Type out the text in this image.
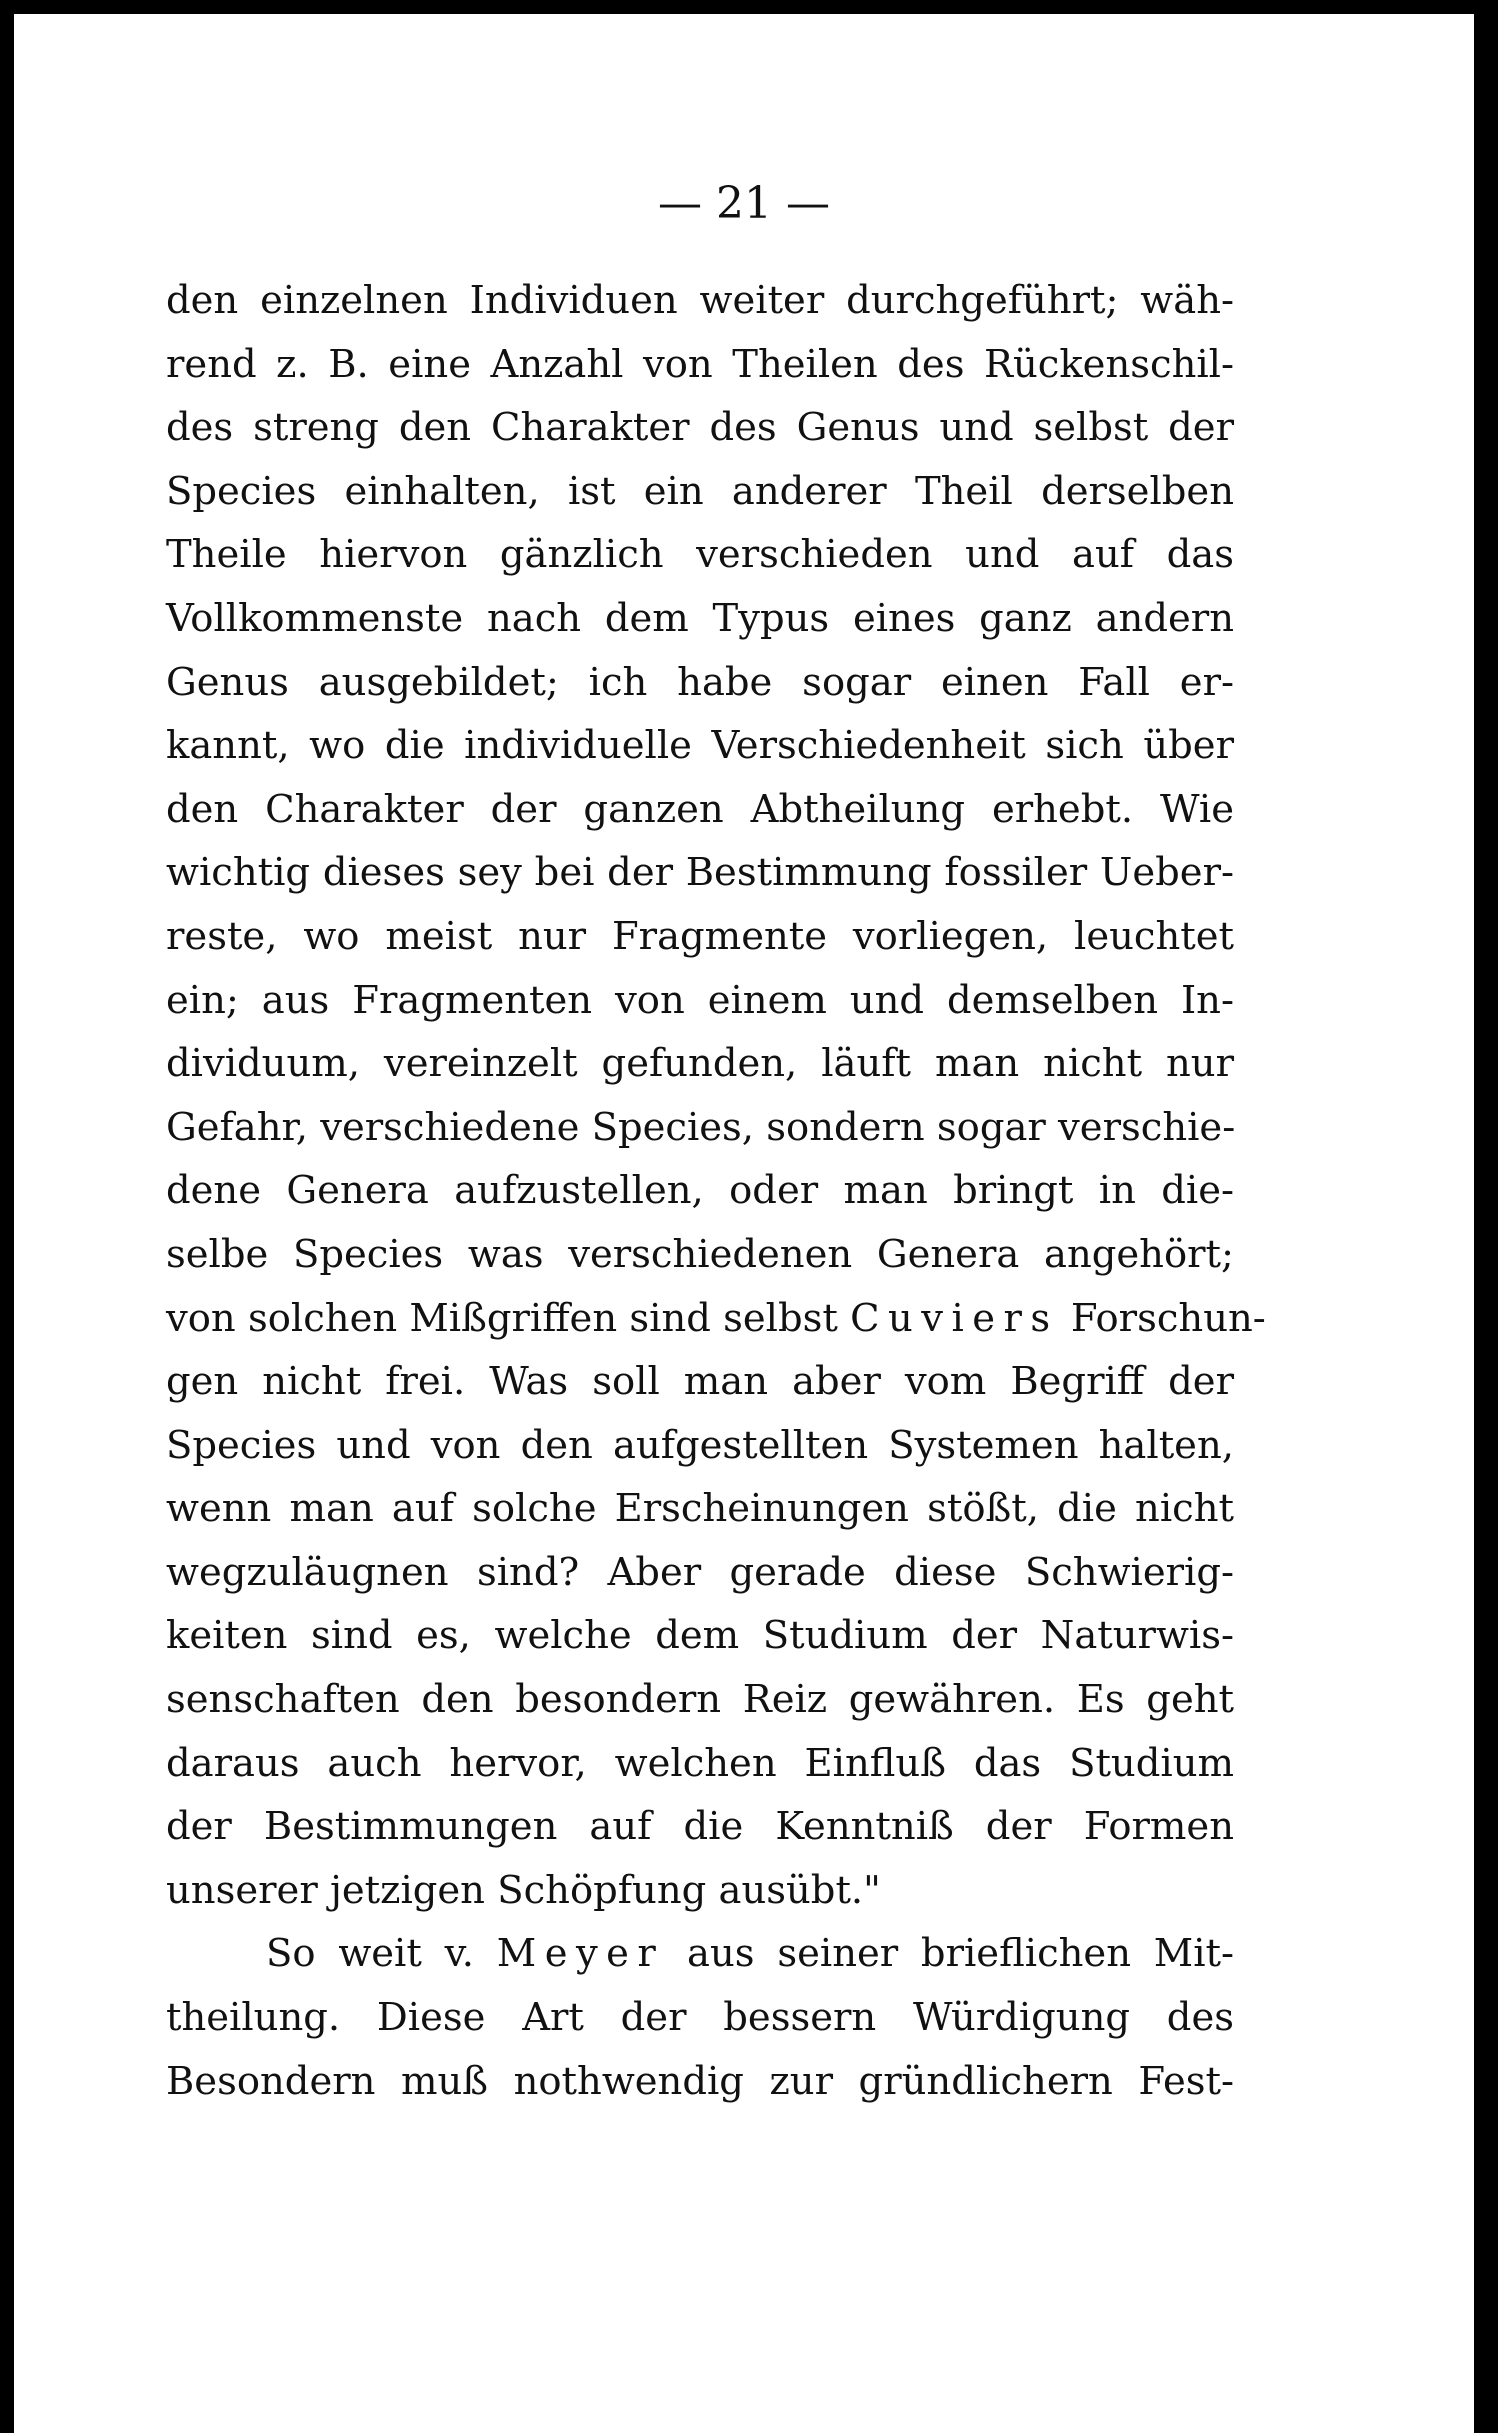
— 21 —
den einzelnen Individuen weiter durchgeführt; wäh-
rend z. B. eine Anzahl von Theilen des Rückenschil-
des streng den Charakter des Genus und selbst der
Species einhalten, ist ein anderer Theil derselben
Theile hiervon gänzlich verschieden und auf das
Vollkommenste nach dem Typus eines ganz andern
Genus ausgebildet; ich habe sogar einen Fall er-
kannt, wo die individuelle Verschiedenheit sich über
den Charakter der ganzen Abtheilung erhebt. Wie
wichtig dieses sey bei der Bestimmung fossiler Ueber-
reste, wo meist nur Fragmente vorliegen, leuchtet
ein; aus Fragmenten von einem und demselben In-
dividuum, vereinzelt gefunden, läuft man nicht nur
Gefahr, verschiedene Species, sondern sogar verschie-
dene Genera aufzustellen, oder man bringt in die-
selbe Species was verschiedenen Genera angehört;
von solchen Mißgriffen sind selbst Cuviers Forschun-
gen nicht frei. Was soll man aber vom Begriff der
Species und von den aufgestellten Systemen halten,
wenn man auf solche Erscheinungen stößt, die nicht
wegzuläugnen sind? Aber gerade diese Schwierig-
keiten sind es, welche dem Studium der Naturwis-
senschaften den besondern Reiz gewähren. Es geht
daraus auch hervor, welchen Einfluß das Studium
der Bestimmungen auf die Kenntniß der Formen
unserer jetzigen Schöpfung ausübt."
So weit v. Meyer aus seiner brieflichen Mit-
theilung. Diese Art der bessern Würdigung des
Besondern muß nothwendig zur gründlichern Fest-
